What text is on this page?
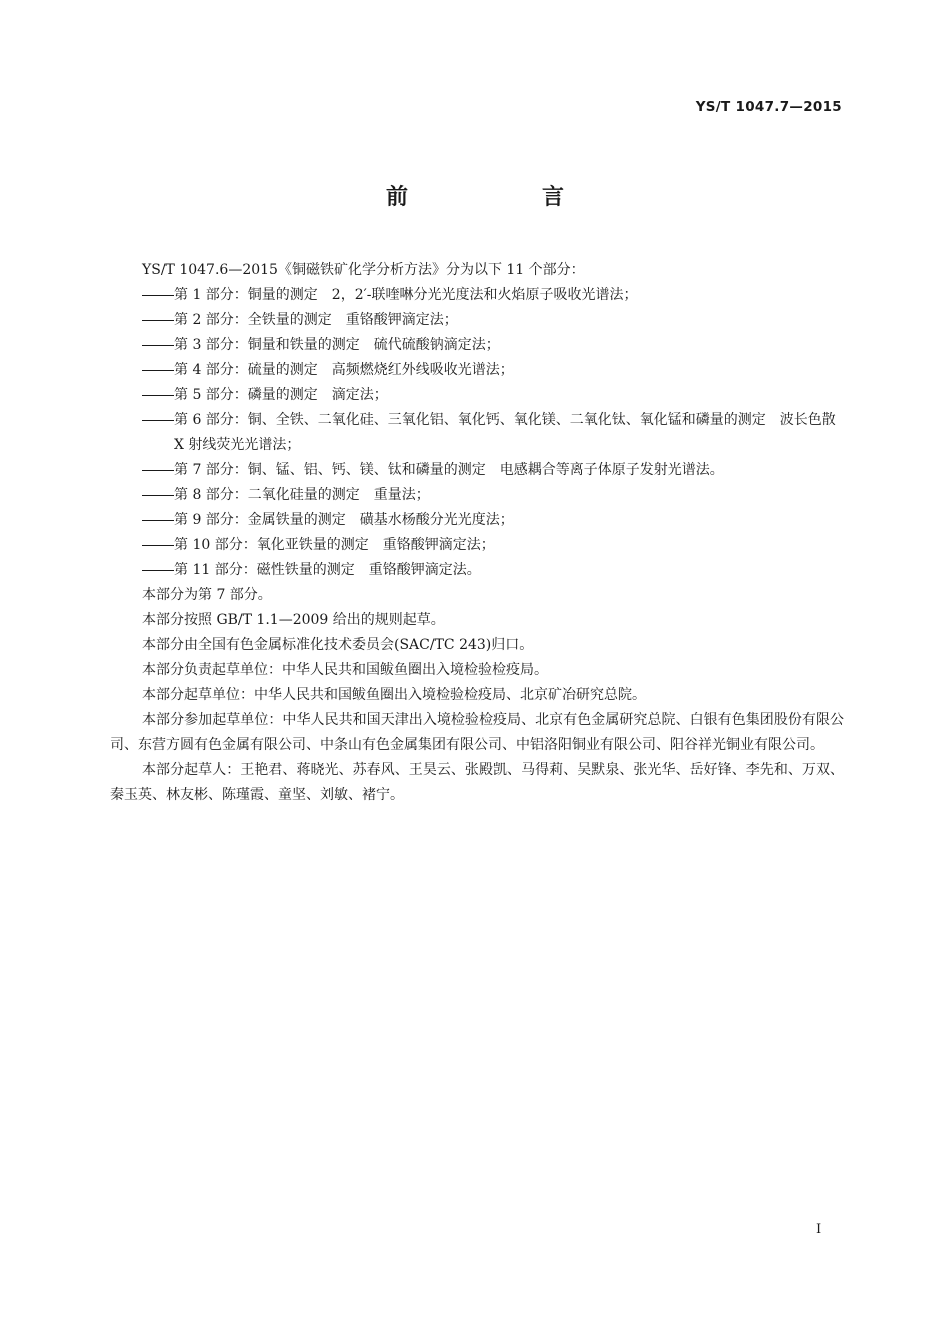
YS/T 1047.7—2015
前　言

YS/T 1047.6—2015《铜磁铁矿化学分析方法》分为以下 11 个部分：

第 1 部分：铜量的测定　2，2′-联喹啉分光光度法和火焰原子吸收光谱法；

第 2 部分：全铁量的测定　重铬酸钾滴定法；

第 3 部分：铜量和铁量的测定　硫代硫酸钠滴定法；

第 4 部分：硫量的测定　高频燃烧红外线吸收光谱法；

第 5 部分：磷量的测定　滴定法；

第 6 部分：铜、全铁、二氧化硅、三氧化铝、氧化钙、氧化镁、二氧化钛、氧化锰和磷量的测定　波长色散 X 射线荧光光谱法；

第 7 部分：铜、锰、铝、钙、镁、钛和磷量的测定　电感耦合等离子体原子发射光谱法。

第 8 部分：二氧化硅量的测定　重量法；

第 9 部分：金属铁量的测定　磺基水杨酸分光光度法；

第 10 部分：氧化亚铁量的测定　重铬酸钾滴定法；

第 11 部分：磁性铁量的测定　重铬酸钾滴定法。

本部分为第 7 部分。

本部分按照 GB/T 1.1—2009 给出的规则起草。

本部分由全国有色金属标准化技术委员会(SAC/TC 243)归口。

本部分负责起草单位：中华人民共和国鲅鱼圈出入境检验检疫局。

本部分起草单位：中华人民共和国鲅鱼圈出入境检验检疫局、北京矿冶研究总院。

本部分参加起草单位：中华人民共和国天津出入境检验检疫局、北京有色金属研究总院、白银有色集团股份有限公司、东营方圆有色金属有限公司、中条山有色金属集团有限公司、中铝洛阳铜业有限公司、阳谷祥光铜业有限公司。

本部分起草人：王艳君、蒋晓光、苏春风、王昊云、张殿凯、马得莉、吴默泉、张光华、岳好锋、李先和、万双、秦玉英、林友彬、陈瑾霞、童坚、刘敏、褚宁。

I
